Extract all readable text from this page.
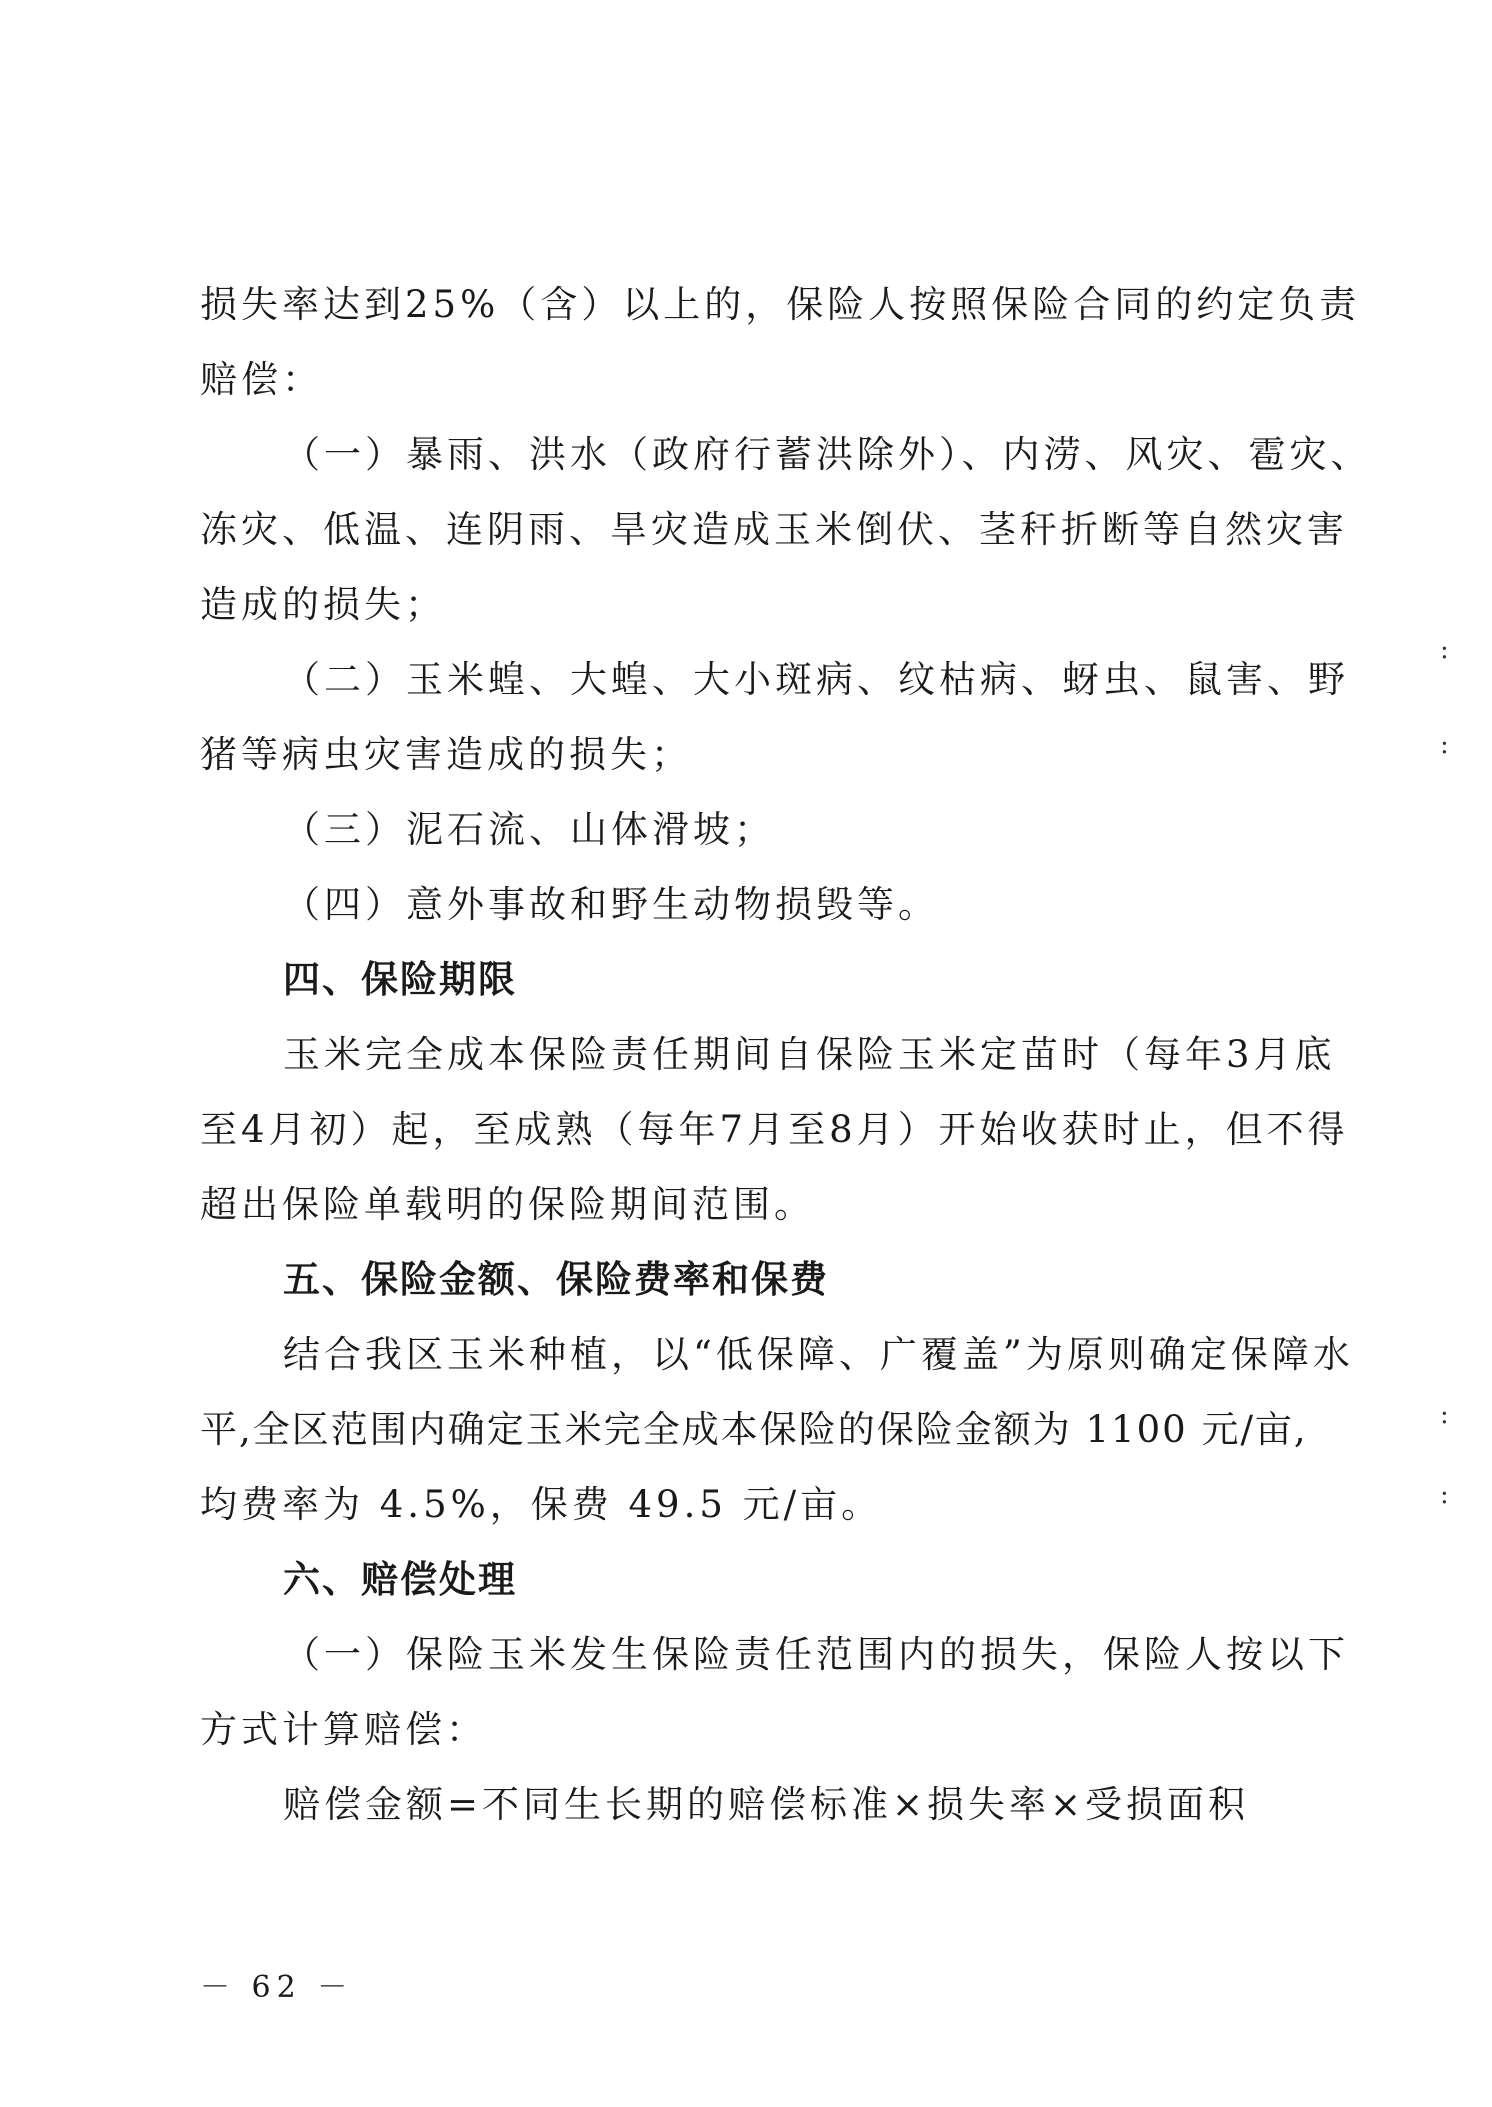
损失率达到25%（含）以上的，保险人按照保险合同的约定负责
赔偿：
（一）暴雨、洪水（政府行蓄洪除外）、内涝、风灾、雹灾、
冻灾、低温、连阴雨、旱灾造成玉米倒伏、茎秆折断等自然灾害
造成的损失；
（二）玉米蝗、大蝗、大小斑病、纹枯病、蚜虫、鼠害、野
猪等病虫灾害造成的损失；
（三）泥石流、山体滑坡；
（四）意外事故和野生动物损毁等。
四、保险期限
玉米完全成本保险责任期间自保险玉米定苗时（每年3月底
至4月初）起，至成熟（每年7月至8月）开始收获时止，但不得
超出保险单载明的保险期间范围。
五、保险金额、保险费率和保费
结合我区玉米种植，以“低保障、广覆盖”为原则确定保障水
平,全区范围内确定玉米完全成本保险的保险金额为 1100 元/亩,
均费率为 4.5%，保费 49.5 元/亩。
六、赔偿处理
（一）保险玉米发生保险责任范围内的损失，保险人按以下
方式计算赔偿：
赔偿金额=不同生长期的赔偿标准×损失率×受损面积
－ 62 －
:
:
:
:
